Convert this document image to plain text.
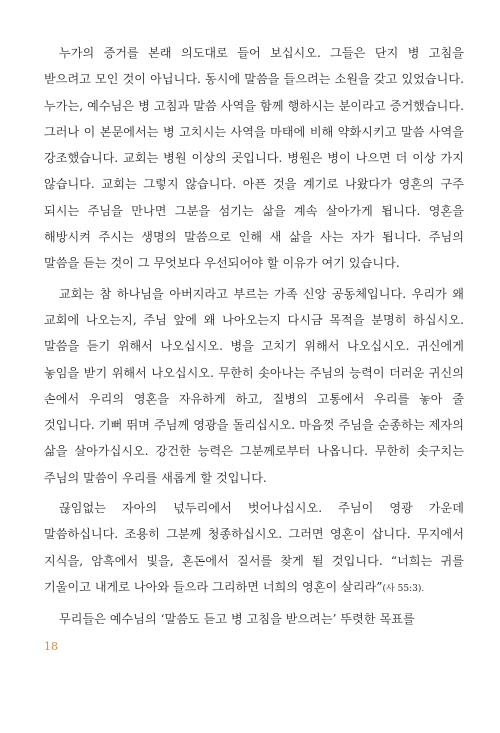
누가의 증거를 본래 의도대로 들어 보십시오. 그들은 단지 병 고침을 받으려고 모인 것이 아닙니다. 동시에 말씀을 들으려는 소원을 갖고 있었습니다. 누가는, 예수님은 병 고침과 말씀 사역을 함께 행하시는 분이라고 증거했습니다. 그러나 이 본문에서는 병 고치시는 사역을 마태에 비해 약화시키고 말씀 사역을 강조했습니다. 교회는 병원 이상의 곳입니다. 병원은 병이 나으면 더 이상 가지 않습니다. 교회는 그렇지 않습니다. 아픈 것을 계기로 나왔다가 영혼의 구주 되시는 주님을 만나면 그분을 섬기는 삶을 계속 살아가게 됩니다. 영혼을 해방시켜 주시는 생명의 말씀으로 인해 새 삶을 사는 자가 됩니다. 주님의 말씀을 듣는 것이 그 무엇보다 우선되어야 할 이유가 여기 있습니다.

교회는 참 하나님을 아버지라고 부르는 가족 신앙 공동체입니다. 우리가 왜 교회에 나오는지, 주님 앞에 왜 나아오는지 다시금 목적을 분명히 하십시오. 말씀을 듣기 위해서 나오십시오. 병을 고치기 위해서 나오십시오. 귀신에게 놓임을 받기 위해서 나오십시오. 무한히 솟아나는 주님의 능력이 더러운 귀신의 손에서 우리의 영혼을 자유하게 하고, 질병의 고통에서 우리를 놓아 줄 것입니다. 기뻐 뛰며 주님께 영광을 돌리십시오. 마음껏 주님을 순종하는 제자의 삶을 살아가십시오. 강건한 능력은 그분께로부터 나옵니다. 무한히 솟구치는 주님의 말씀이 우리를 새롭게 할 것입니다.

끊임없는 자아의 넋두리에서 벗어나십시오. 주님이 영광 가운데 말씀하십니다. 조용히 그분께 청종하십시오. 그러면 영혼이 삽니다. 무지에서 지식을, 암흑에서 빛을, 혼돈에서 질서를 찾게 될 것입니다. “너희는 귀를 기울이고 내게로 나아와 들으라 그리하면 너희의 영혼이 살리라”(사 55:3).

무리들은 예수님의 ‘말씀도 듣고 병 고침을 받으려는’ 뚜렷한 목표를

18
